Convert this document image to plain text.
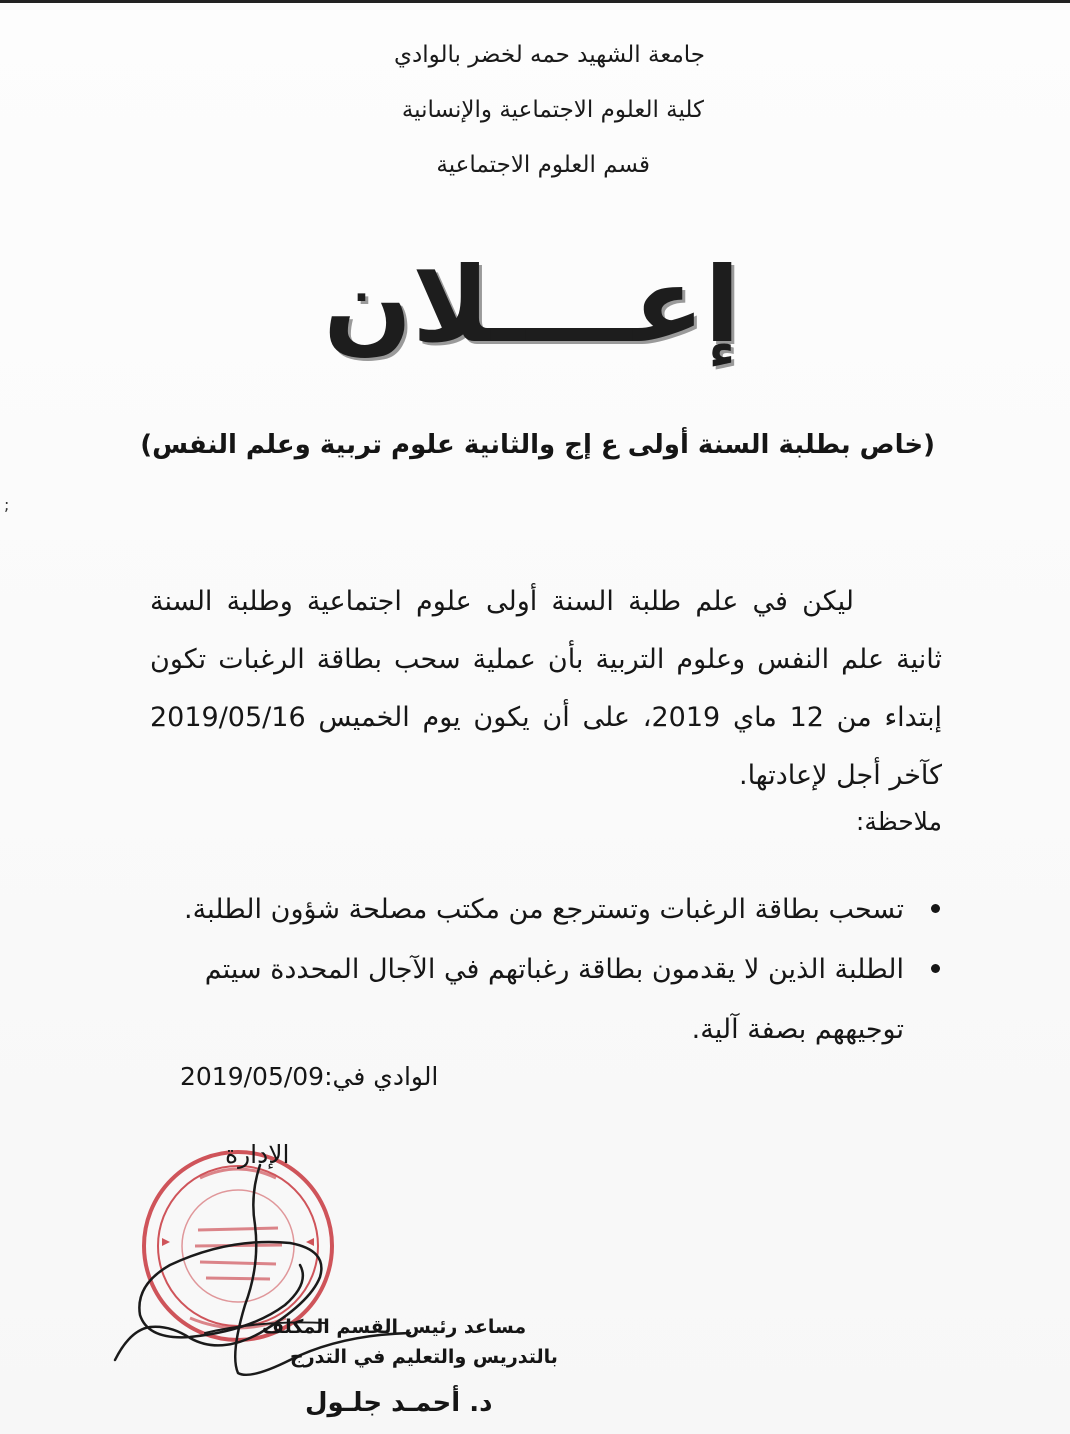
جامعة الشهيد حمه لخضر بالوادي
كلية العلوم الاجتماعية والإنسانية
قسم العلوم الاجتماعية
إعــــلان
(خاص بطلبة السنة أولى ع إج والثانية علوم تربية وعلم النفس)
;

ليكن في علم طلبة السنة أولى علوم اجتماعية وطلبة السنة ثانية علم النفس وعلوم التربية بأن عملية سحب بطاقة الرغبات تكون إبتداء من 12 ماي 2019، على أن يكون يوم الخميس 2019/05/16 كآخر أجل لإعادتها.

ملاحظة:
تسحب بطاقة الرغبات وتسترجع من مكتب مصلحة شؤون الطلبة.
الطلبة الذين لا يقدمون بطاقة رغباتهم في الآجال المحددة سيتم توجيههم بصفة آلية.
الوادي في:2019/05/09
الإدارة
مساعد رئيس القسم المكلف
بالتدريس والتعليم في التدرج
د. أحمـد جلـول
